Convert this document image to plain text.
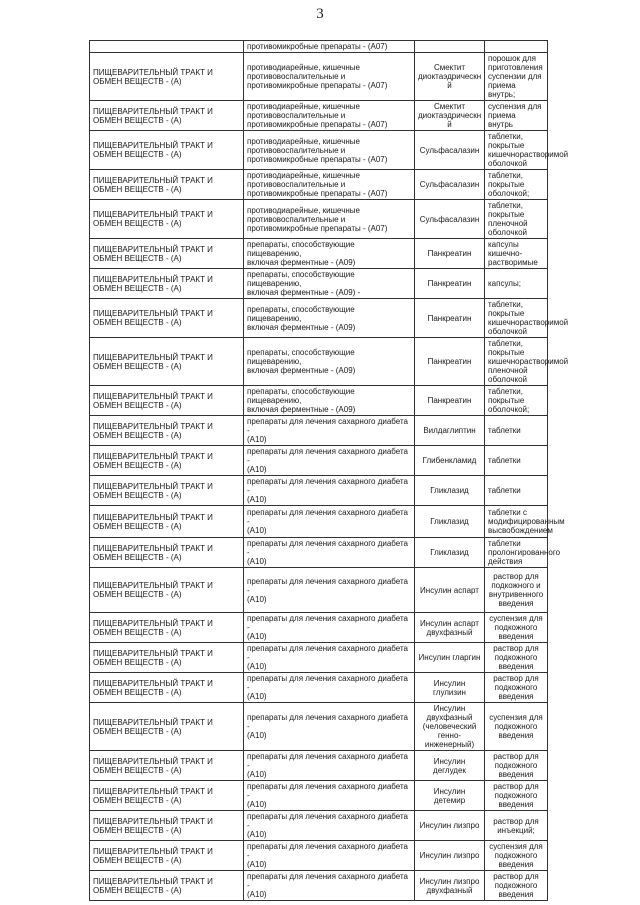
3
	противомикробные препараты - (А07)		
ПИЩЕВАРИТЕЛЬНЫЙ ТРАКТ И
ОБМЕН ВЕЩЕСТВ - (А)	противодиарейные, кишечные
противовоспалительные и
противомикробные препараты - (А07)	Смектит
диоктаэдрическн
й	порошок для
приготовления
суспензии для приема
внутрь;
ПИЩЕВАРИТЕЛЬНЫЙ ТРАКТ И
ОБМЕН ВЕЩЕСТВ - (А)	противодиарейные, кишечные
противовоспалительные и
противомикробные препараты - (А07)	Смектит
диоктаэдрическн
й	суспензия для приема
внутрь
ПИЩЕВАРИТЕЛЬНЫЙ ТРАКТ И
ОБМЕН ВЕЩЕСТВ - (А)	противодиарейные, кишечные
противовоспалительные и
противомикробные препараты - (А07)	Сульфасалазин	таблетки, покрытые
кишечнорастворимой
оболочкой
ПИЩЕВАРИТЕЛЬНЫЙ ТРАКТ И
ОБМЕН ВЕЩЕСТВ - (А)	противодиарейные, кишечные
противовоспалительные и
противомикробные препараты - (А07)	Сульфасалазин	таблетки, покрытые
оболочкой;
ПИЩЕВАРИТЕЛЬНЫЙ ТРАКТ И
ОБМЕН ВЕЩЕСТВ - (А)	противодиарейные, кишечные
противовоспалительные и
противомикробные препараты - (А07)	Сульфасалазин	таблетки, покрытые
пленочной оболочкой
ПИЩЕВАРИТЕЛЬНЫЙ ТРАКТ И
ОБМЕН ВЕЩЕСТВ - (А)	препараты, способствующие пищеварению,
включая ферментные - (А09)	Панкреатин	капсулы кишечно-
растворимые
ПИЩЕВАРИТЕЛЬНЫЙ ТРАКТ И
ОБМЕН ВЕЩЕСТВ - (А)	препараты, способствующие пищеварению,
включая ферментные - (А09) -	Панкреатин	капсулы;
ПИЩЕВАРИТЕЛЬНЫЙ ТРАКТ И
ОБМЕН ВЕЩЕСТВ - (А)	препараты, способствующие пищеварению,
включая ферментные - (А09)	Панкреатин	таблетки, покрытые
кишечнорастворимой
оболочкой
ПИЩЕВАРИТЕЛЬНЫЙ ТРАКТ И
ОБМЕН ВЕЩЕСТВ - (А)	препараты, способствующие пищеварению,
включая ферментные - (А09)	Панкреатин	таблетки, покрытые
кишечнорастворимой
пленочной оболочкой
ПИЩЕВАРИТЕЛЬНЫЙ ТРАКТ И
ОБМЕН ВЕЩЕСТВ - (А)	препараты, способствующие пищеварению,
включая ферментные - (А09)	Панкреатин	таблетки, покрытые
оболочкой;
ПИЩЕВАРИТЕЛЬНЫЙ ТРАКТ И
ОБМЕН ВЕЩЕСТВ - (А)	препараты для лечения сахарного диабета -
(А10)	Вилдаглиптин	таблетки
ПИЩЕВАРИТЕЛЬНЫЙ ТРАКТ И
ОБМЕН ВЕЩЕСТВ - (А)	препараты для лечения сахарного диабета -
(А10)	Глибенкламид	таблетки
ПИЩЕВАРИТЕЛЬНЫЙ ТРАКТ И
ОБМЕН ВЕЩЕСТВ - (А)	препараты для лечения сахарного диабета -
(А10)	Гликлазид	таблетки
ПИЩЕВАРИТЕЛЬНЫЙ ТРАКТ И
ОБМЕН ВЕЩЕСТВ - (А)	препараты для лечения сахарного диабета -
(А10)	Гликлазид	таблетки с
модифицированным
высвобождением
ПИЩЕВАРИТЕЛЬНЫЙ ТРАКТ И
ОБМЕН ВЕЩЕСТВ - (А)	препараты для лечения сахарного диабета -
(А10)	Гликлазид	таблетки
пролонгированного
действия
ПИЩЕВАРИТЕЛЬНЫЙ ТРАКТ И
ОБМЕН ВЕЩЕСТВ - (А)	препараты для лечения сахарного диабета -
(А10)	Инсулин аспарт	раствор для
подкожного и
внутривенного
введения
ПИЩЕВАРИТЕЛЬНЫЙ ТРАКТ И
ОБМЕН ВЕЩЕСТВ - (А)	препараты для лечения сахарного диабета -
(А10)	Инсулин аспарт
двухфазный	суспензия для
подкожного введения
ПИЩЕВАРИТЕЛЬНЫЙ ТРАКТ И
ОБМЕН ВЕЩЕСТВ - (А)	препараты для лечения сахарного диабета -
(А10)	Инсулин гларгин	раствор для
подкожного введения
ПИЩЕВАРИТЕЛЬНЫЙ ТРАКТ И
ОБМЕН ВЕЩЕСТВ - (А)	препараты для лечения сахарного диабета -
(А10)	Инсулин
глулизин	раствор для
подкожного введения
ПИЩЕВАРИТЕЛЬНЫЙ ТРАКТ И
ОБМЕН ВЕЩЕСТВ - (А)	препараты для лечения сахарного диабета -
(А10)	Инсулин
двухфазный
(человеческий
генно-
инженерный)	суспензия для
подкожного введения
ПИЩЕВАРИТЕЛЬНЫЙ ТРАКТ И
ОБМЕН ВЕЩЕСТВ - (А)	препараты для лечения сахарного диабета -
(А10)	Инсулин деглудек	раствор для
подкожного введения
ПИЩЕВАРИТЕЛЬНЫЙ ТРАКТ И
ОБМЕН ВЕЩЕСТВ - (А)	препараты для лечения сахарного диабета -
(А10)	Инсулин детемир	раствор для
подкожного введения
ПИЩЕВАРИТЕЛЬНЫЙ ТРАКТ И
ОБМЕН ВЕЩЕСТВ - (А)	препараты для лечения сахарного диабета -
(А10)	Инсулин лизпро	раствор для инъекций;
ПИЩЕВАРИТЕЛЬНЫЙ ТРАКТ И
ОБМЕН ВЕЩЕСТВ - (А)	препараты для лечения сахарного диабета -
(А10)	Инсулин лизпро	суспензия для
подкожного введения
ПИЩЕВАРИТЕЛЬНЫЙ ТРАКТ И
ОБМЕН ВЕЩЕСТВ - (А)	препараты для лечения сахарного диабета -
(А10)	Инсулин лизпро
двухфазный	раствор для
подкожного введения
